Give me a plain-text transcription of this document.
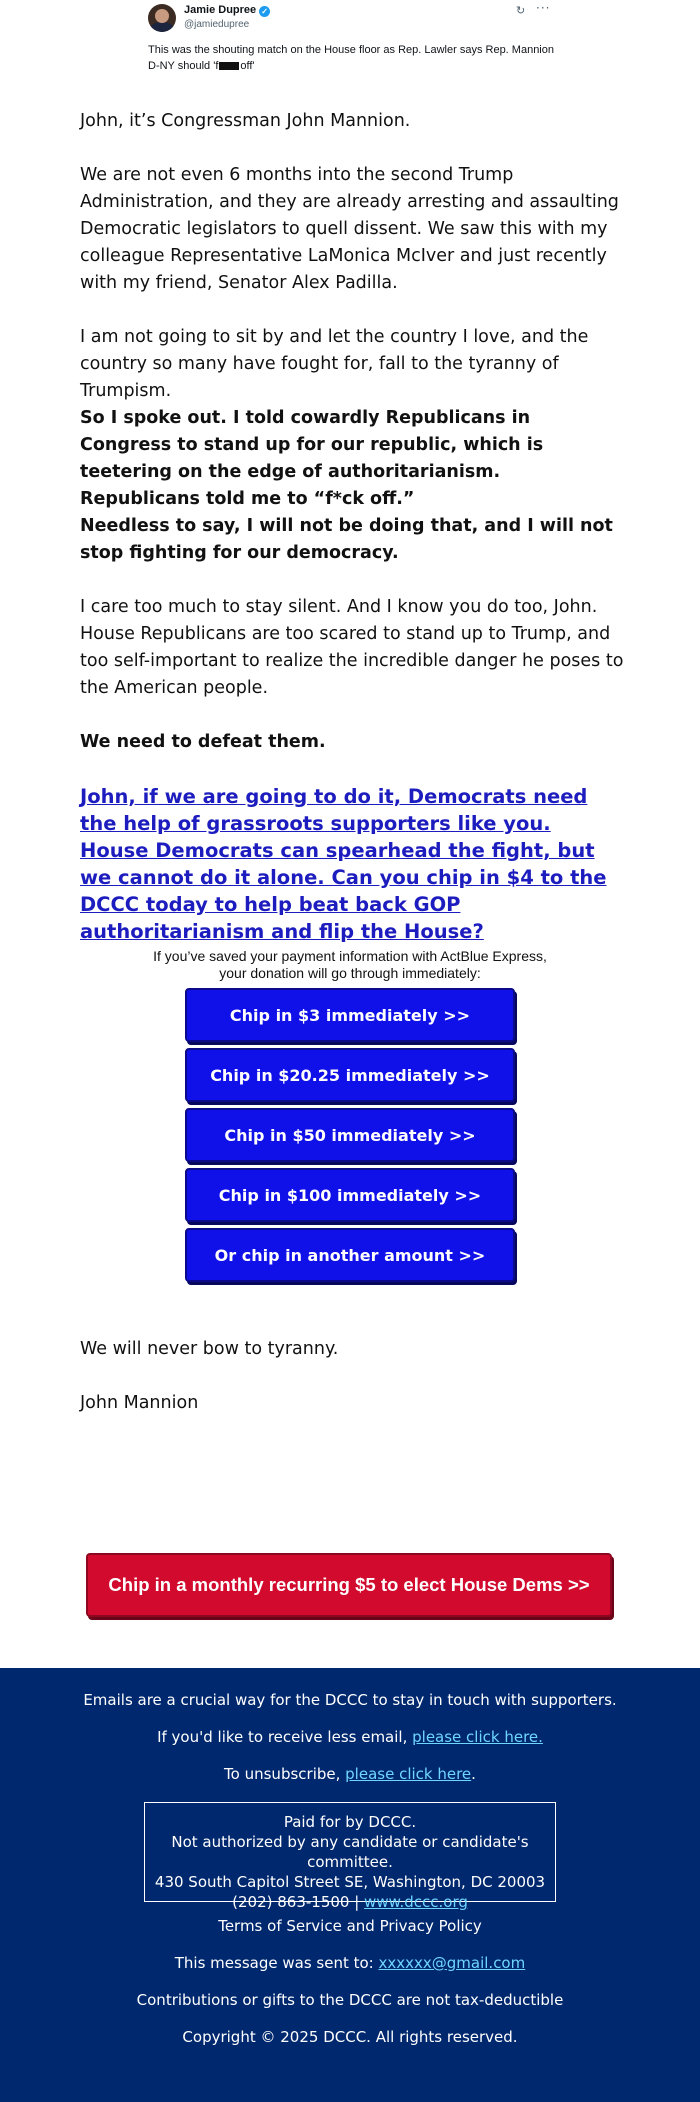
Jamie Dupree ✓
@jamiedupree
↻ ···
This was the shouting match on the House floor as Rep. Lawler says Rep. Mannion D-NY should 'f off'

John, it’s Congressman John Mannion.

We are not even 6 months into the second Trump Administration, and they are already arresting and assaulting Democratic legislators to quell dissent. We saw this with my colleague Representative LaMonica McIver and just recently with my friend, Senator Alex Padilla.

I am not going to sit by and let the country I love, and the country so many have fought for, fall to the tyranny of Trumpism.

So I spoke out. I told cowardly Republicans in Congress to stand up for our republic, which is teetering on the edge of authoritarianism. Republicans told me to “f*ck off.”

Needless to say, I will not be doing that, and I will not stop fighting for our democracy.

I care too much to stay silent. And I know you do too, John. House Republicans are too scared to stand up to Trump, and too self-important to realize the incredible danger he poses to the American people.

We need to defeat them.

John, if we are going to do it, Democrats need the help of grassroots supporters like you. House Democrats can spearhead the fight, but we cannot do it alone. Can you chip in $4 to the DCCC today to help beat back GOP authoritarianism and flip the House?
If you’ve saved your payment information with ActBlue Express,
your donation will go through immediately:
Chip in $3 immediately >>
Chip in $20.25 immediately >>
Chip in $50 immediately >>
Chip in $100 immediately >>
Or chip in another amount >>

We will never bow to tyranny.

John Mannion

Chip in a monthly recurring $5 to elect House Dems >>
Emails are a crucial way for the DCCC to stay in touch with supporters.
If you'd like to receive less email, please click here.
To unsubscribe, please click here.
Paid for by DCCC.
Not authorized by any candidate or candidate's committee.
430 South Capitol Street SE, Washington, DC 20003
(202) 863-1500 | www.dccc.org
Terms of Service and Privacy Policy
This message was sent to: xxxxxx@gmail.com
Contributions or gifts to the DCCC are not tax-deductible
Copyright © 2025 DCCC. All rights reserved.
